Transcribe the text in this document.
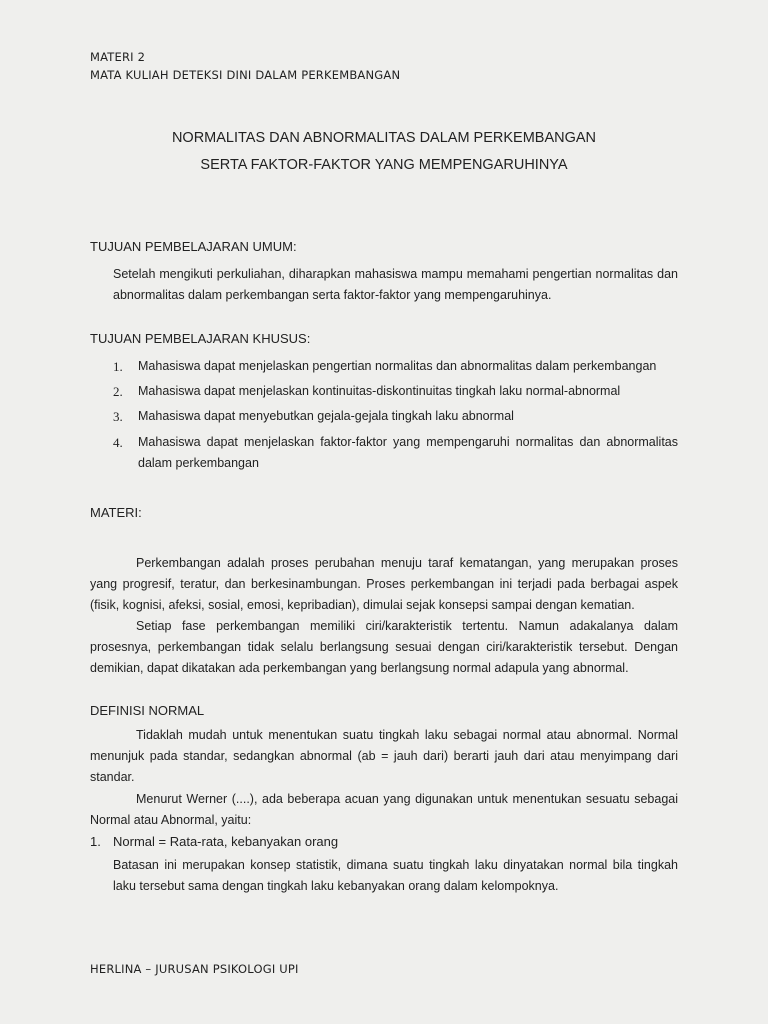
MATERI 2
MATA KULIAH DETEKSI DINI DALAM PERKEMBANGAN
NORMALITAS DAN ABNORMALITAS DALAM PERKEMBANGAN
SERTA FAKTOR-FAKTOR YANG MEMPENGARUHINYA
TUJUAN PEMBELAJARAN UMUM:

Setelah mengikuti perkuliahan, diharapkan mahasiswa mampu memahami pengertian normalitas dan abnormalitas dalam perkembangan serta faktor-faktor yang mempengaruhinya.

TUJUAN PEMBELAJARAN KHUSUS:
1.	Mahasiswa dapat menjelaskan pengertian normalitas dan abnormalitas dalam perkembangan
2.	Mahasiswa dapat menjelaskan kontinuitas-diskontinuitas tingkah laku normal-abnormal
3.	Mahasiswa dapat menyebutkan gejala-gejala tingkah laku abnormal
4.	Mahasiswa dapat menjelaskan faktor-faktor yang mempengaruhi normalitas dan abnormalitas dalam perkembangan
MATERI:

Perkembangan adalah proses perubahan menuju taraf kematangan, yang merupakan proses yang progresif, teratur, dan berkesinambungan. Proses perkembangan ini terjadi pada berbagai aspek (fisik, kognisi, afeksi, sosial, emosi, kepribadian), dimulai sejak konsepsi sampai dengan kematian.

Setiap fase perkembangan memiliki ciri/karakteristik tertentu. Namun adakalanya dalam prosesnya, perkembangan tidak selalu berlangsung sesuai dengan ciri/karakteristik tersebut. Dengan demikian, dapat dikatakan ada perkembangan yang berlangsung normal adapula yang abnormal.

DEFINISI NORMAL

Tidaklah mudah untuk menentukan suatu tingkah laku sebagai normal atau abnormal. Normal menunjuk pada standar, sedangkan abnormal (ab = jauh dari) berarti jauh dari atau menyimpang dari standar.

Menurut Werner (....), ada beberapa acuan yang digunakan untuk menentukan sesuatu sebagai Normal atau Abnormal, yaitu:

1. Normal = Rata-rata, kebanyakan orang

Batasan ini merupakan konsep statistik, dimana suatu tingkah laku dinyatakan normal bila tingkah laku tersebut sama dengan tingkah laku kebanyakan orang dalam kelompoknya.

HERLINA – JURUSAN PSIKOLOGI UPI
